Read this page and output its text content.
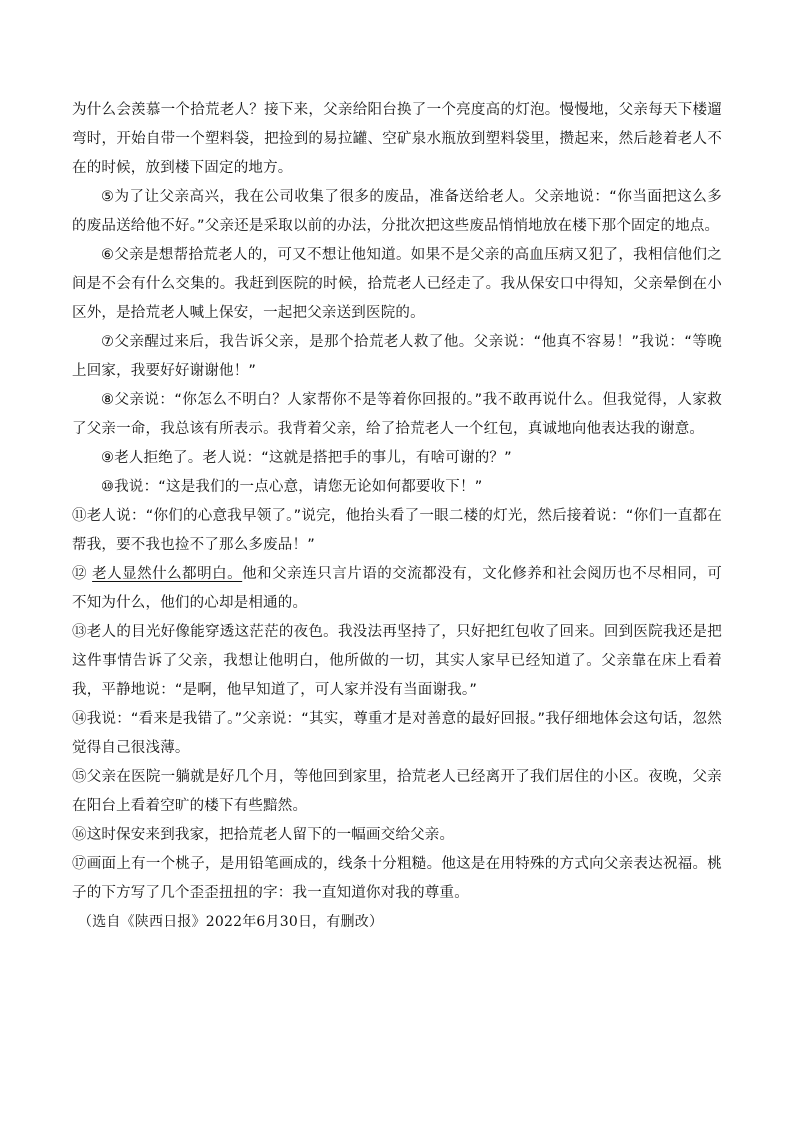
为什么会羡慕一个拾荒老人？接下来，父亲给阳台换了一个亮度高的灯泡。慢慢地，父亲每天下楼遛弯时，开始自带一个塑料袋，把捡到的易拉罐、空矿泉水瓶放到塑料袋里，攒起来，然后趁着老人不在的时候，放到楼下固定的地方。

⑤为了让父亲高兴，我在公司收集了很多的废品，准备送给老人。父亲地说：“你当面把这么多的废品送给他不好。”父亲还是采取以前的办法，分批次把这些废品悄悄地放在楼下那个固定的地点。

⑥父亲是想帮拾荒老人的，可又不想让他知道。如果不是父亲的高血压病又犯了，我相信他们之间是不会有什么交集的。我赶到医院的时候，拾荒老人已经走了。我从保安口中得知，父亲晕倒在小区外，是拾荒老人喊上保安，一起把父亲送到医院的。

⑦父亲醒过来后，我告诉父亲，是那个拾荒老人救了他。父亲说：“他真不容易！”我说：“等晚上回家，我要好好谢谢他！”

⑧父亲说：“你怎么不明白？人家帮你不是等着你回报的。”我不敢再说什么。但我觉得，人家救了父亲一命，我总该有所表示。我背着父亲，给了拾荒老人一个红包，真诚地向他表达我的谢意。

⑨老人拒绝了。老人说：“这就是搭把手的事儿，有啥可谢的？”

⑩我说：“这是我们的一点心意，请您无论如何都要收下！”

⑪老人说：“你们的心意我早领了。”说完，他抬头看了一眼二楼的灯光，然后接着说：“你们一直都在帮我，要不我也捡不了那么多废品！”

⑫ 老人显然什么都明白。他和父亲连只言片语的交流都没有，文化修养和社会阅历也不尽相同，可不知为什么，他们的心却是相通的。

⑬老人的目光好像能穿透这茫茫的夜色。我没法再坚持了，只好把红包收了回来。回到医院我还是把这件事情告诉了父亲，我想让他明白，他所做的一切，其实人家早已经知道了。父亲靠在床上看着我，平静地说：“是啊，他早知道了，可人家并没有当面谢我。”

⑭我说：“看来是我错了。”父亲说：“其实，尊重才是对善意的最好回报。”我仔细地体会这句话，忽然觉得自己很浅薄。

⑮父亲在医院一躺就是好几个月，等他回到家里，拾荒老人已经离开了我们居住的小区。夜晚，父亲在阳台上看着空旷的楼下有些黯然。

⑯这时保安来到我家，把拾荒老人留下的一幅画交给父亲。

⑰画面上有一个桃子，是用铅笔画成的，线条十分粗糙。他这是在用特殊的方式向父亲表达祝福。桃子的下方写了几个歪歪扭扭的字：我一直知道你对我的尊重。

（选自《陕西日报》2022年6月30日，有删改）
